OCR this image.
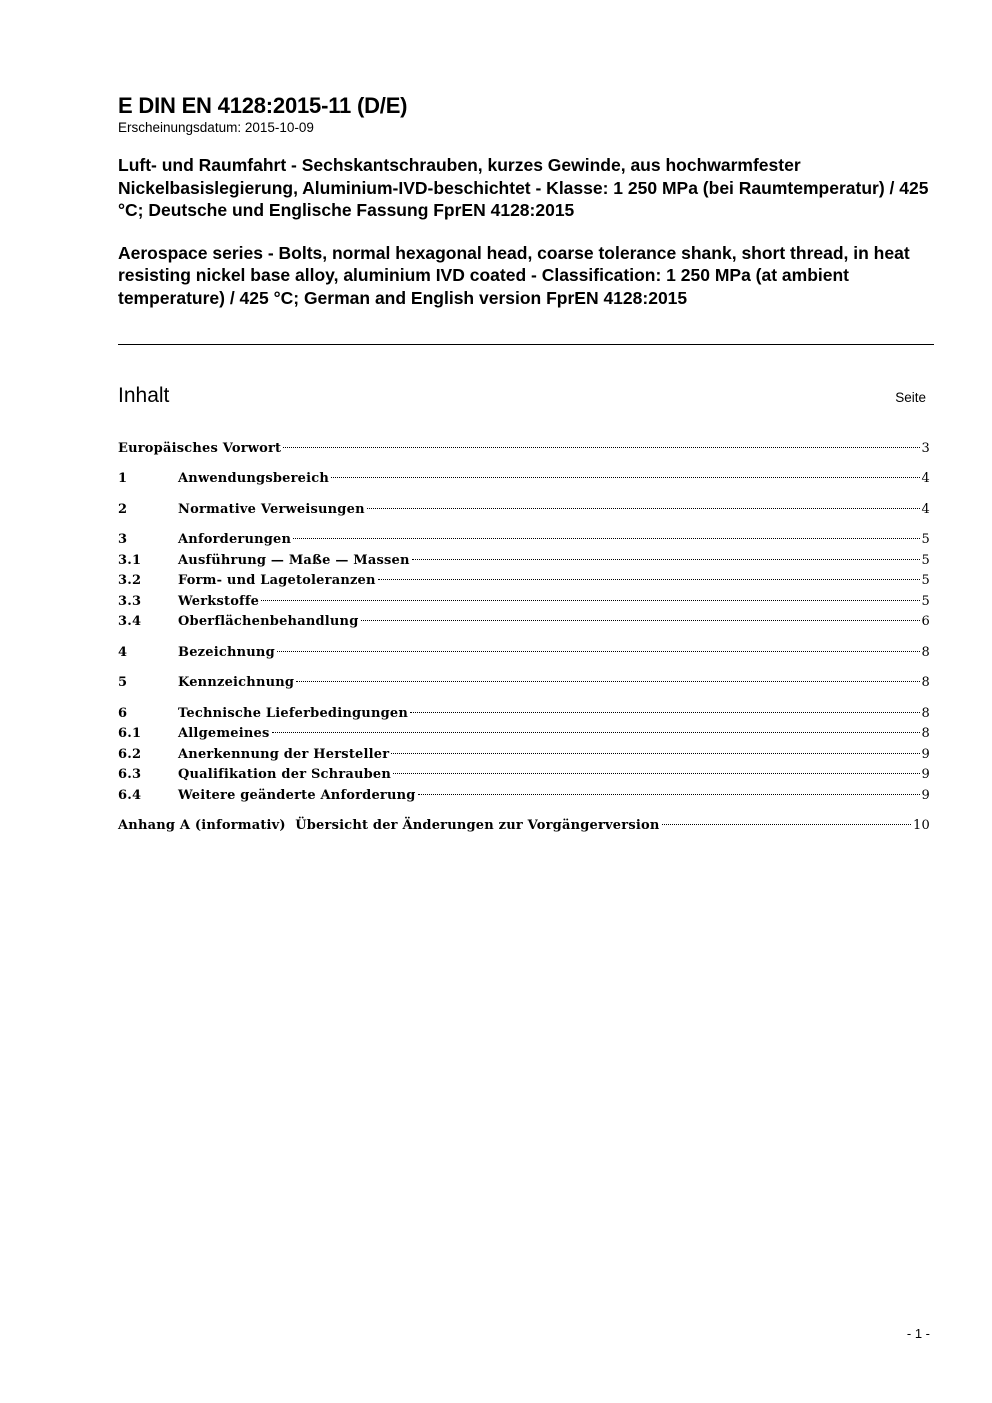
E DIN EN 4128:2015-11 (D/E)

Erscheinungsdatum: 2015-10-09

Luft- und Raumfahrt - Sechskantschrauben, kurzes Gewinde, aus hochwarmfester Nickelbasislegierung, Aluminium-IVD-beschichtet - Klasse: 1 250 MPa (bei Raumtemperatur) / 425 °C; Deutsche und Englische Fassung FprEN 4128:2015

Aerospace series - Bolts, normal hexagonal head, coarse tolerance shank, short thread, in heat resisting nickel base alloy, aluminium IVD coated - Classification: 1 250 MPa (at ambient temperature) / 425 °C; German and English version FprEN 4128:2015

Inhalt	Seite
Europäisches Vorwort	3
1	Anwendungsbereich	4
2	Normative Verweisungen	4
3	Anforderungen	5
3.1	Ausführung — Maße — Massen	5
3.2	Form- und Lagetoleranzen	5
3.3	Werkstoffe	5
3.4	Oberflächenbehandlung	6
4	Bezeichnung	8
5	Kennzeichnung	8
6	Technische Lieferbedingungen	8
6.1	Allgemeines	8
6.2	Anerkennung der Hersteller	9
6.3	Qualifikation der Schrauben	9
6.4	Weitere geänderte Anforderung	9
Anhang A (informativ)  Übersicht der Änderungen zur Vorgängerversion	10
- 1 -
